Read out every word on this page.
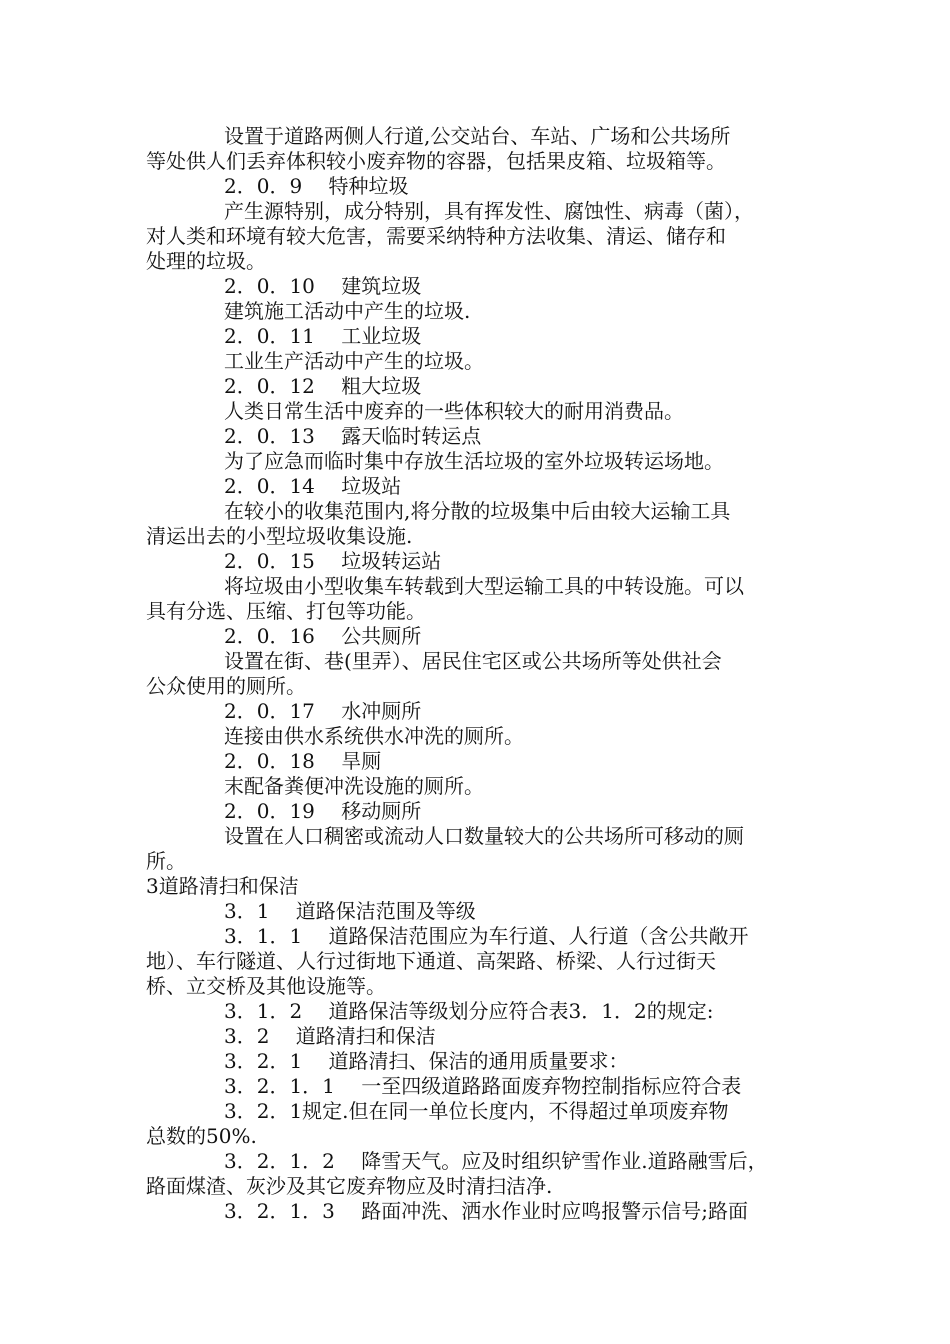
设置于道路两侧人行道,公交站台、车站、广场和公共场所
等处供人们丢弃体积较小废弃物的容器，包括果皮箱、垃圾箱等。
2．0．9　 特种垃圾
产生源特别，成分特别，具有挥发性、腐蚀性、病毒（菌），
对人类和环境有较大危害，需要采纳特种方法收集、清运、储存和
处理的垃圾。
2．0．10　 建筑垃圾
建筑施工活动中产生的垃圾.
2．0．11　 工业垃圾
工业生产活动中产生的垃圾。
2．0．12　 粗大垃圾
人类日常生活中废弃的一些体积较大的耐用消费品。
2．0．13　 露天临时转运点
为了应急而临时集中存放生活垃圾的室外垃圾转运场地。
2．0．14　 垃圾站
在较小的收集范围内,将分散的垃圾集中后由较大运输工具
清运出去的小型垃圾收集设施.
2．0．15　 垃圾转运站
将垃圾由小型收集车转载到大型运输工具的中转设施。可以
具有分选、压缩、打包等功能。
2．0．16　 公共厕所
设置在街、巷(里弄）、居民住宅区或公共场所等处供社会
公众使用的厕所。
2．0．17　 水冲厕所
连接由供水系统供水冲洗的厕所。
2．0．18　 旱厕
末配备粪便冲洗设施的厕所。
2．0．19　 移动厕所
设置在人口稠密或流动人口数量较大的公共场所可移动的厕
所。
3道路清扫和保洁
3．1　 道路保洁范围及等级
3．1．1　 道路保洁范围应为车行道、人行道（含公共敞开
地）、车行隧道、人行过街地下通道、高架路、桥梁、人行过街天
桥、立交桥及其他设施等。
3．1．2　 道路保洁等级划分应符合表3．1．2的规定:
3．2　 道路清扫和保洁
3．2．1　 道路清扫、保洁的通用质量要求：
3．2．1．1　 一至四级道路路面废弃物控制指标应符合表
3．2．1规定.但在同一单位长度内，不得超过单项废弃物
总数的50%.
3．2．1．2　 降雪天气。应及时组织铲雪作业.道路融雪后，
路面煤渣、灰沙及其它废弃物应及时清扫洁净.
3．2．1．3　 路面冲洗、洒水作业时应鸣报警示信号;路面
